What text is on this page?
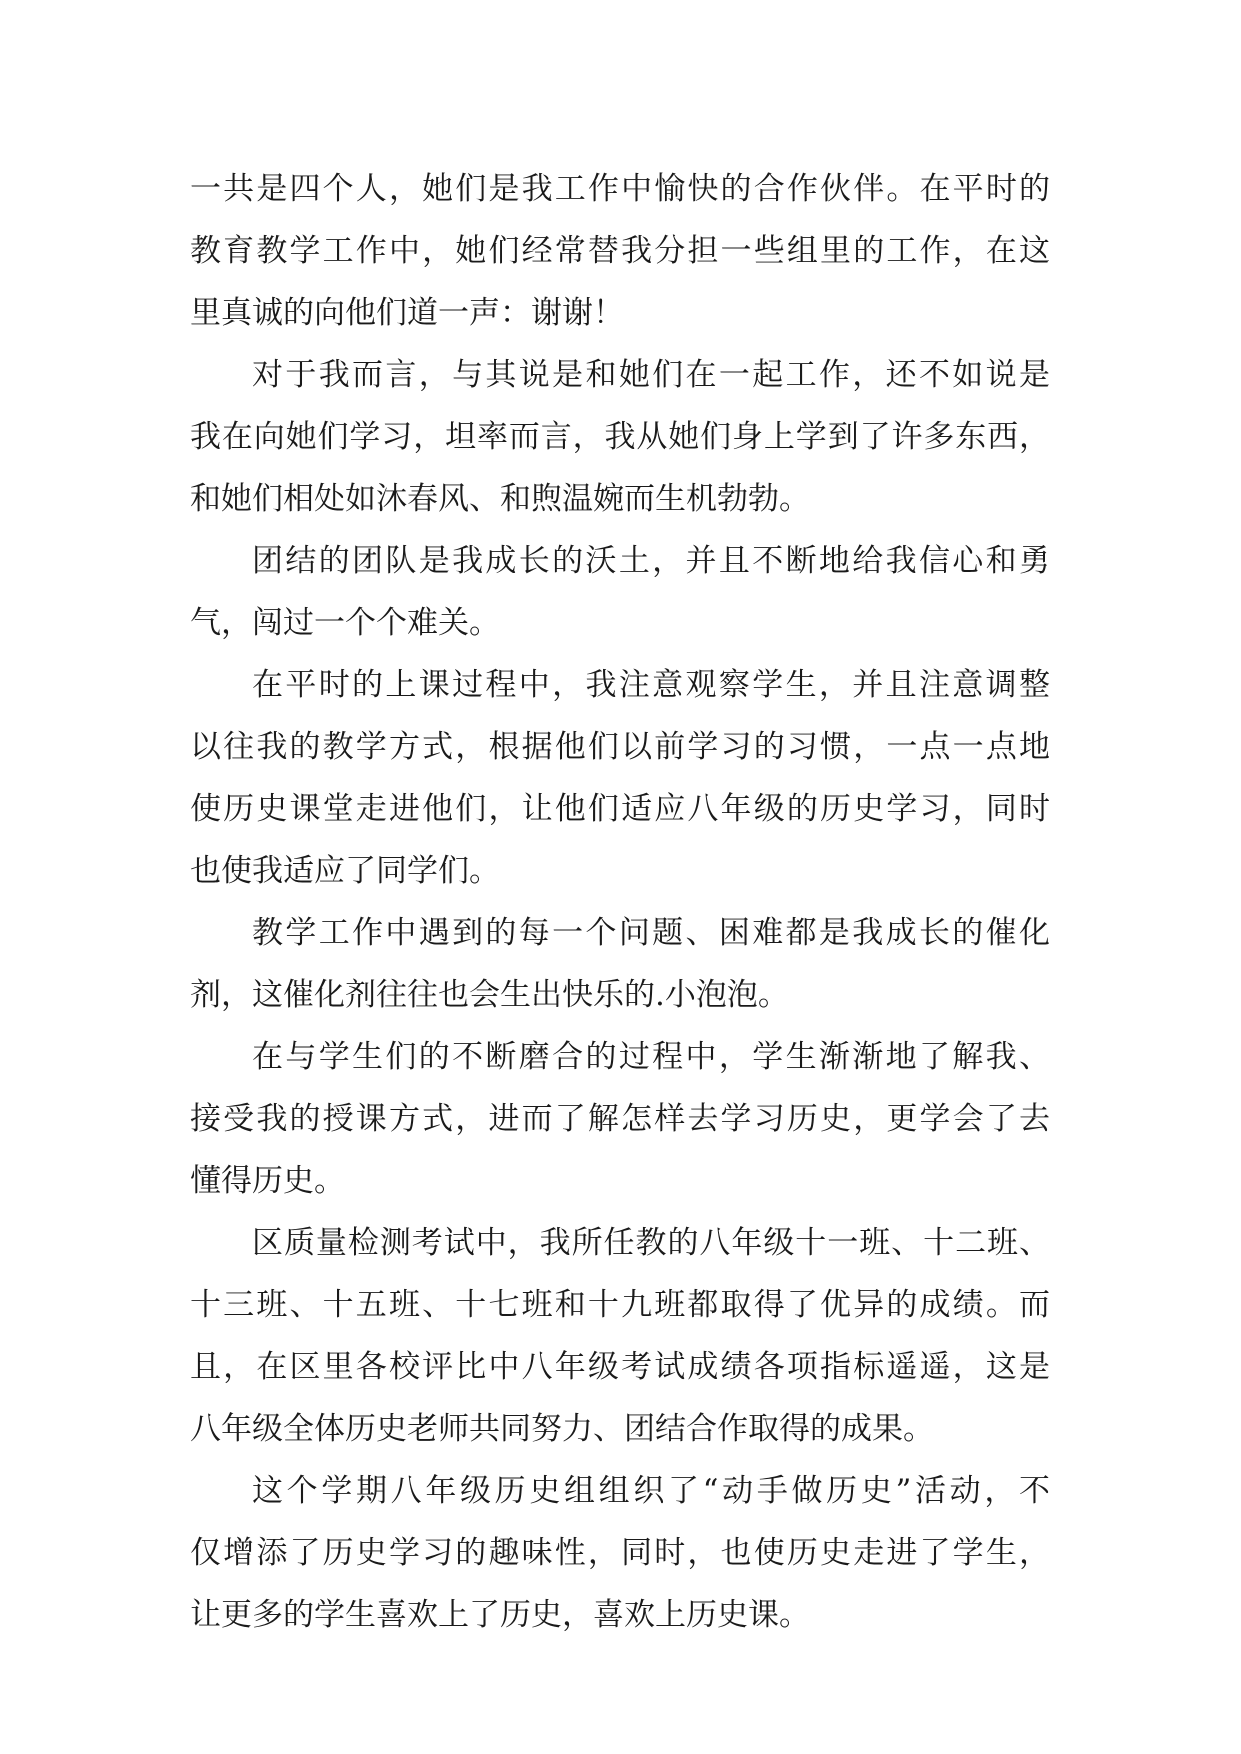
一共是四个人，她们是我工作中愉快的合作伙伴。在平时的
教育教学工作中，她们经常替我分担一些组里的工作，在这
里真诚的向他们道一声：谢谢！
对于我而言，与其说是和她们在一起工作，还不如说是
我在向她们学习，坦率而言，我从她们身上学到了许多东西，
和她们相处如沐春风、和煦温婉而生机勃勃。
团结的团队是我成长的沃土，并且不断地给我信心和勇
气，闯过一个个难关。
在平时的上课过程中，我注意观察学生，并且注意调整
以往我的教学方式，根据他们以前学习的习惯，一点一点地
使历史课堂走进他们，让他们适应八年级的历史学习，同时
也使我适应了同学们。
教学工作中遇到的每一个问题、困难都是我成长的催化
剂，这催化剂往往也会生出快乐的.小泡泡。
在与学生们的不断磨合的过程中，学生渐渐地了解我、
接受我的授课方式，进而了解怎样去学习历史，更学会了去
懂得历史。
区质量检测考试中，我所任教的八年级十一班、十二班、
十三班、十五班、十七班和十九班都取得了优异的成绩。而
且，在区里各校评比中八年级考试成绩各项指标遥遥，这是
八年级全体历史老师共同努力、团结合作取得的成果。
这个学期八年级历史组组织了“动手做历史”活动，不
仅增添了历史学习的趣味性，同时，也使历史走进了学生，
让更多的学生喜欢上了历史，喜欢上历史课。
